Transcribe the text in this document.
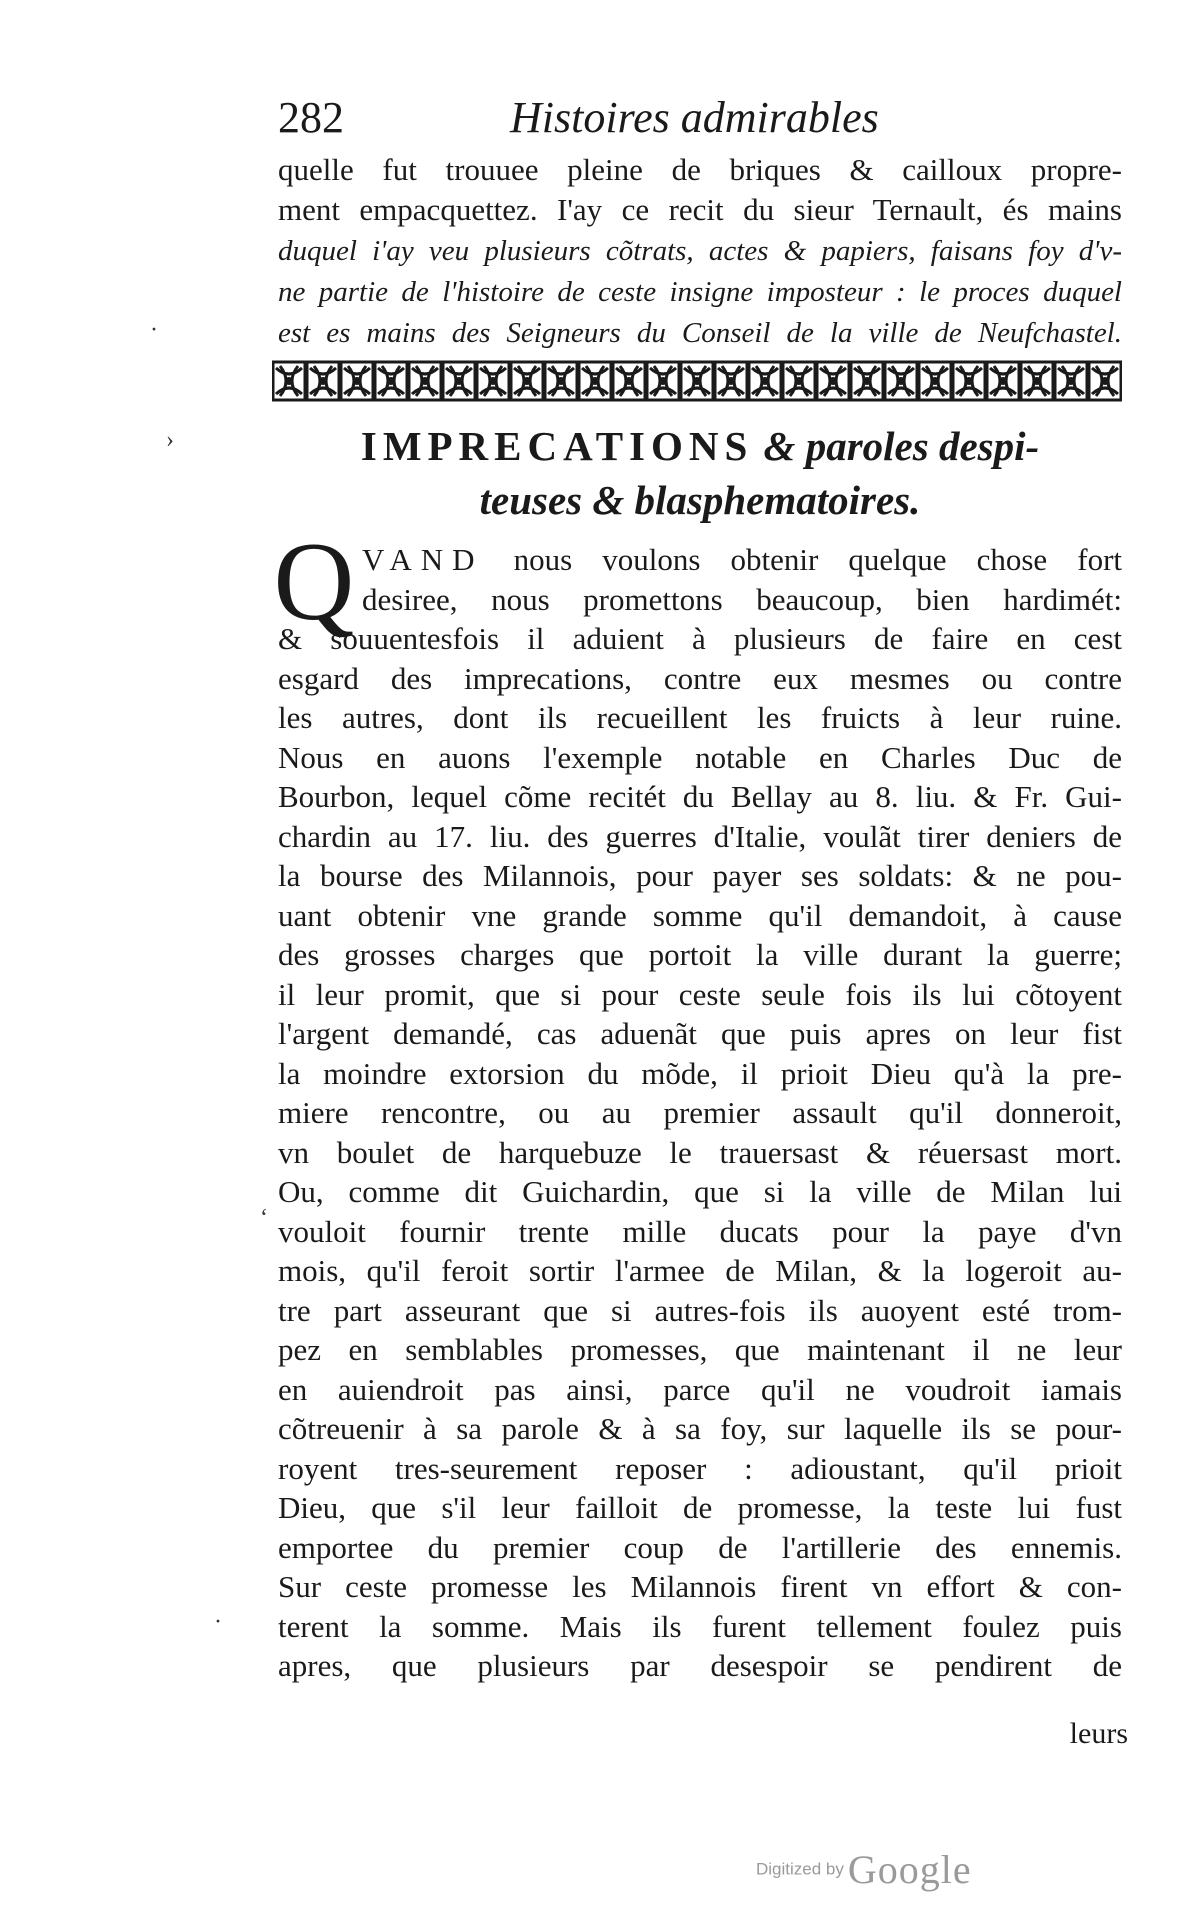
282	Histoires admirables
quelle fut trouuee pleine de briques & cailloux propre-
ment empacquettez. I'ay ce recit du sieur Ternault, és mains
duquel i'ay veu plusieurs cõtrats, actes & papiers, faisans foy d'v-
ne partie de l'histoire de ceste insigne imposteur : le proces duquel
est es mains des Seigneurs du Conseil de la ville de Neufchastel.
IMPRECATIONS & paroles despi-
teuses & blasphematoires.
Q VAND nous voulons obtenir quelque chose fort
desiree, nous promettons beaucoup, bien hardimét:
& souuentesfois il aduient à plusieurs de faire en cest
esgard des imprecations, contre eux mesmes ou contre
les autres, dont ils recueillent les fruicts à leur ruine.
Nous en auons l'exemple notable en Charles Duc de
Bourbon, lequel cõme recitét du Bellay au 8. liu. & Fr. Gui-
chardin au 17. liu. des guerres d'Italie, voulãt tirer deniers de
la bourse des Milannois, pour payer ses soldats: & ne pou-
uant obtenir vne grande somme qu'il demandoit, à cause
des grosses charges que portoit la ville durant la guerre;
il leur promit, que si pour ceste seule fois ils lui cõtoyent
l'argent demandé, cas aduenãt que puis apres on leur fist
la moindre extorsion du mõde, il prioit Dieu qu'à la pre-
miere rencontre, ou au premier assault qu'il donneroit,
vn boulet de harquebuze le trauersast & réuersast mort.
Ou, comme dit Guichardin, que si la ville de Milan lui
vouloit fournir trente mille ducats pour la paye d'vn
mois, qu'il feroit sortir l'armee de Milan, & la logeroit au-
tre part asseurant que si autres-fois ils auoyent esté trom-
pez en semblables promesses, que maintenant il ne leur
en auiendroit pas ainsi, parce qu'il ne voudroit iamais
cõtreuenir à sa parole & à sa foy, sur laquelle ils se pour-
royent tres-seurement reposer : adioustant, qu'il prioit
Dieu, que s'il leur failloit de promesse, la teste lui fust
emportee du premier coup de l'artillerie des ennemis.
Sur ceste promesse les Milannois firent vn effort & con-
terent la somme. Mais ils furent tellement foulez puis
apres, que plusieurs par desespoir se pendirent de
leurs
·
›
‘
·
Digitized by Google
